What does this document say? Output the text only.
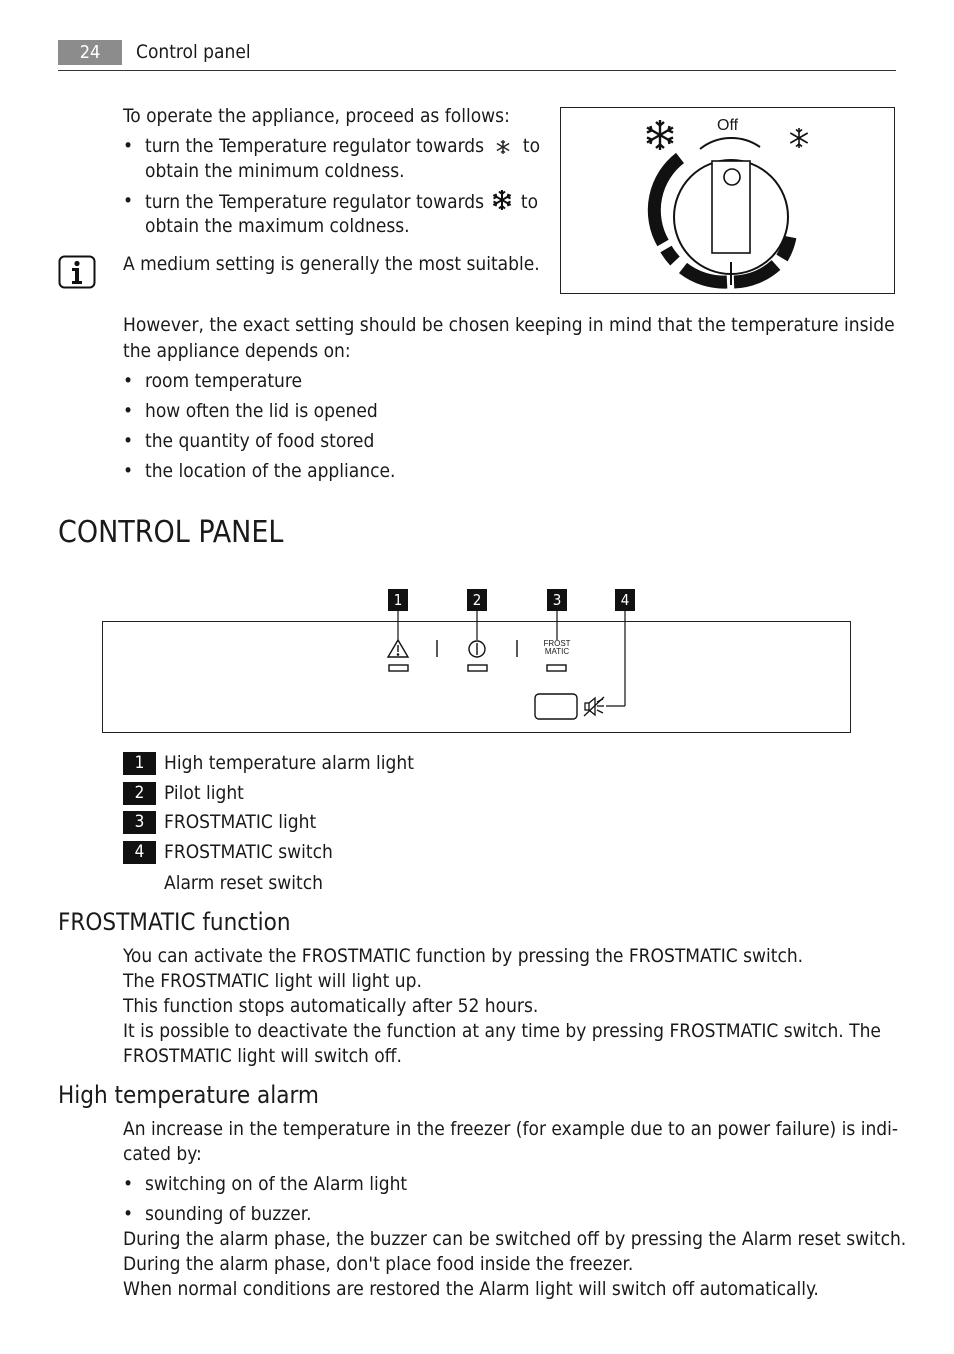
24	Control panel
To operate the appliance, proceed as follows:
• turn the Temperature regulator towards to
obtain the minimum coldness.
• turn the Temperature regulator towards to
obtain the maximum coldness.
A medium setting is generally the most suitable.
Off
However, the exact setting should be chosen keeping in mind that the temperature inside
the appliance depends on:
• room temperature
• how often the lid is opened
• the quantity of food stored
• the location of the appliance.
CONTROL PANEL
1	2	3	4
FROST
MATIC
1	High temperature alarm light
2	Pilot light
3	FROSTMATIC light
4	FROSTMATIC switch
Alarm reset switch
FROSTMATIC function
You can activate the FROSTMATIC function by pressing the FROSTMATIC switch.
The FROSTMATIC light will light up.
This function stops automatically after 52 hours.
It is possible to deactivate the function at any time by pressing FROSTMATIC switch. The
FROSTMATIC light will switch off.
High temperature alarm
An increase in the temperature in the freezer (for example due to an power failure) is indi-
cated by:
• switching on of the Alarm light
• sounding of buzzer.
During the alarm phase, the buzzer can be switched off by pressing the Alarm reset switch.
During the alarm phase, don't place food inside the freezer.
When normal conditions are restored the Alarm light will switch off automatically.
